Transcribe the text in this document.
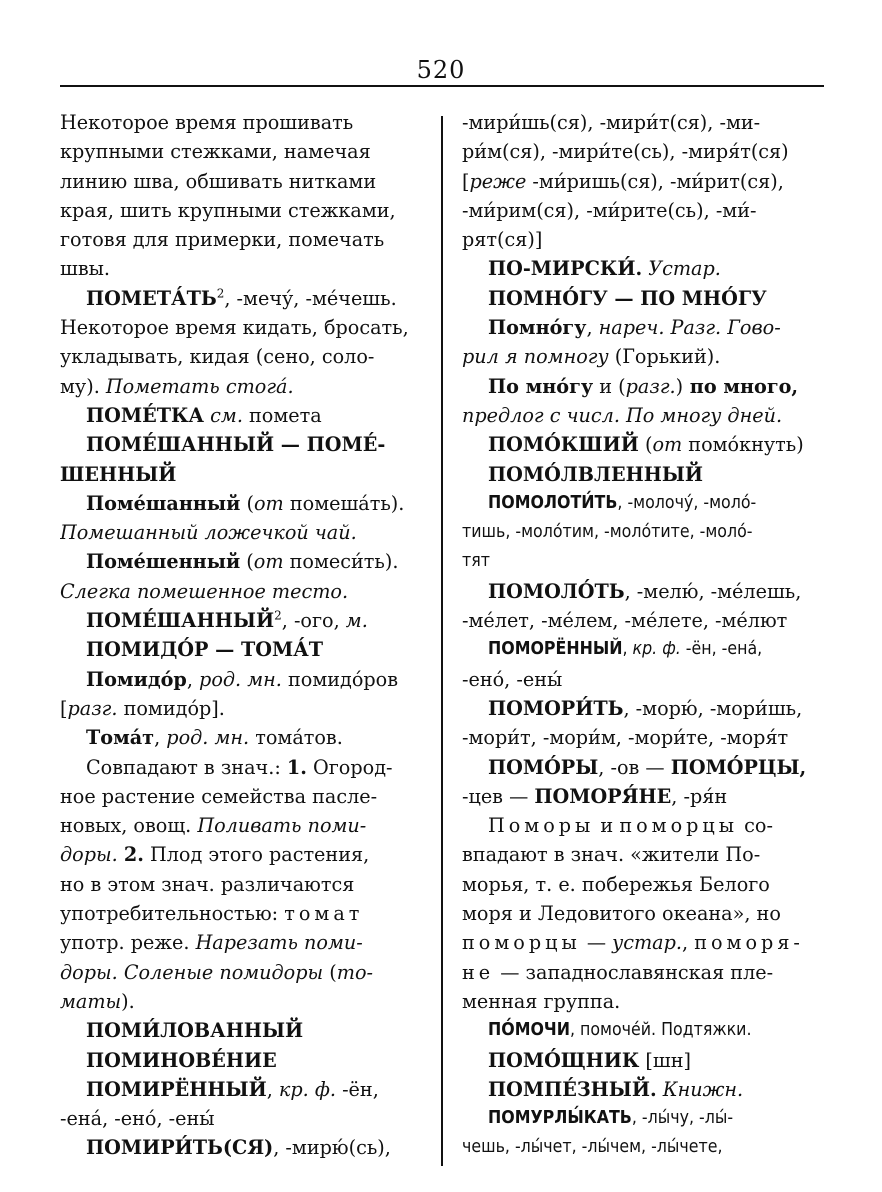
520
Некоторое время прошивать
крупными стежками, намечая
линию шва, обшивать нитками
края, шить крупными стежками,
готовя для примерки, помечать
швы.
$ПОМЕТА́ТЬ^2$, -мечу́, -ме́чешь.
Некоторое время кидать, бросать,
укладывать, кидая (сено, соло-
му). Пометать стога́.
ПОМЕ́ТКА см. помета
ПОМЕ́ШАННЫЙ — ПОМЕ́-
ШЕННЫЙ
Поме́шанный (от помеша́ть).
Помешанный ложечкой чай.
Поме́шенный (от помеси́ть).
Слегка помешенное тесто.
ПОМЕ́ШАННЫЙ$^2$, -ого, м.
ПОМИДО́Р — ТОМА́Т
Помидо́р, род. мн. помидо́ров
[разг. помидо́р].
Тома́т, род. мн. тома́тов.
Совпадают в знач.: 1. Огород-
ное растение семейства пасле-
новых, овощ. Поливать поми-
доры. 2. Плод этого растения,
но в этом знач. различаются
употребительностью: томат
употр. реже. Нарезать поми-
доры. Соленые помидоры (то-
маты).
ПОМИ́ЛОВАННЫЙ
ПОМИНОВЕ́НИЕ
ПОМИРЁННЫЙ, кр. ф. -ён,
-ена́, -ено́, -ены́
ПОМИРИ́ТЬ(СЯ), -мирю́(сь),
-мири́шь(ся), -мири́т(ся), -ми-
ри́м(ся), -мири́те(сь), -миря́т(ся)
[реже -ми́ришь(ся), -ми́рит(ся),
-ми́рим(ся), -ми́рите(сь), -ми́-
рят(ся)]
ПО-МИРСКИ́. Устар.
ПОМНО́ГУ — ПО МНО́ГУ
Помно́гу, нареч. Разг. Гово-
рил я помногу (Горький).
По мно́гу и (разг.) по много,
предлог с числ. По многу дней.
ПОМО́КШИЙ (от помо́кнуть)
ПОМО́ЛВЛЕННЫЙ
ПОМОЛОТИ́ТЬ, -молочу́, -моло́-
тишь, -моло́тим, -моло́тите, -моло́-
тят
ПОМОЛО́ТЬ, -мелю́, -ме́лешь,
-ме́лет, -ме́лем, -ме́лете, -ме́лют
ПОМОРЁННЫЙ, кр. ф. -ён, -ена́,
-ено́, -ены́
ПОМОРИ́ТЬ, -морю́, -мори́шь,
-мори́т, -мори́м, -мори́те, -моря́т
ПОМО́РЫ, -ов — ПОМО́РЦЫ,
-цев — ПОМОРЯ́НЕ, -ря́н
Поморы и поморцы со-
впадают в знач. «жители По-
морья, т. е. побережья Белого
моря и Ледовитого океана», но
поморцы — устар., поморя-
не — западнославянская пле-
менная группа.
ПО́МОЧИ, помоче́й. Подтяжки.
ПОМО́ЩНИК [шн]
ПОМПЕ́ЗНЫЙ. Книжн.
ПОМУРЛЫ́КАТЬ, -лы́чу, -лы́-
чешь, -лы́чет, -лы́чем, -лы́чете,
